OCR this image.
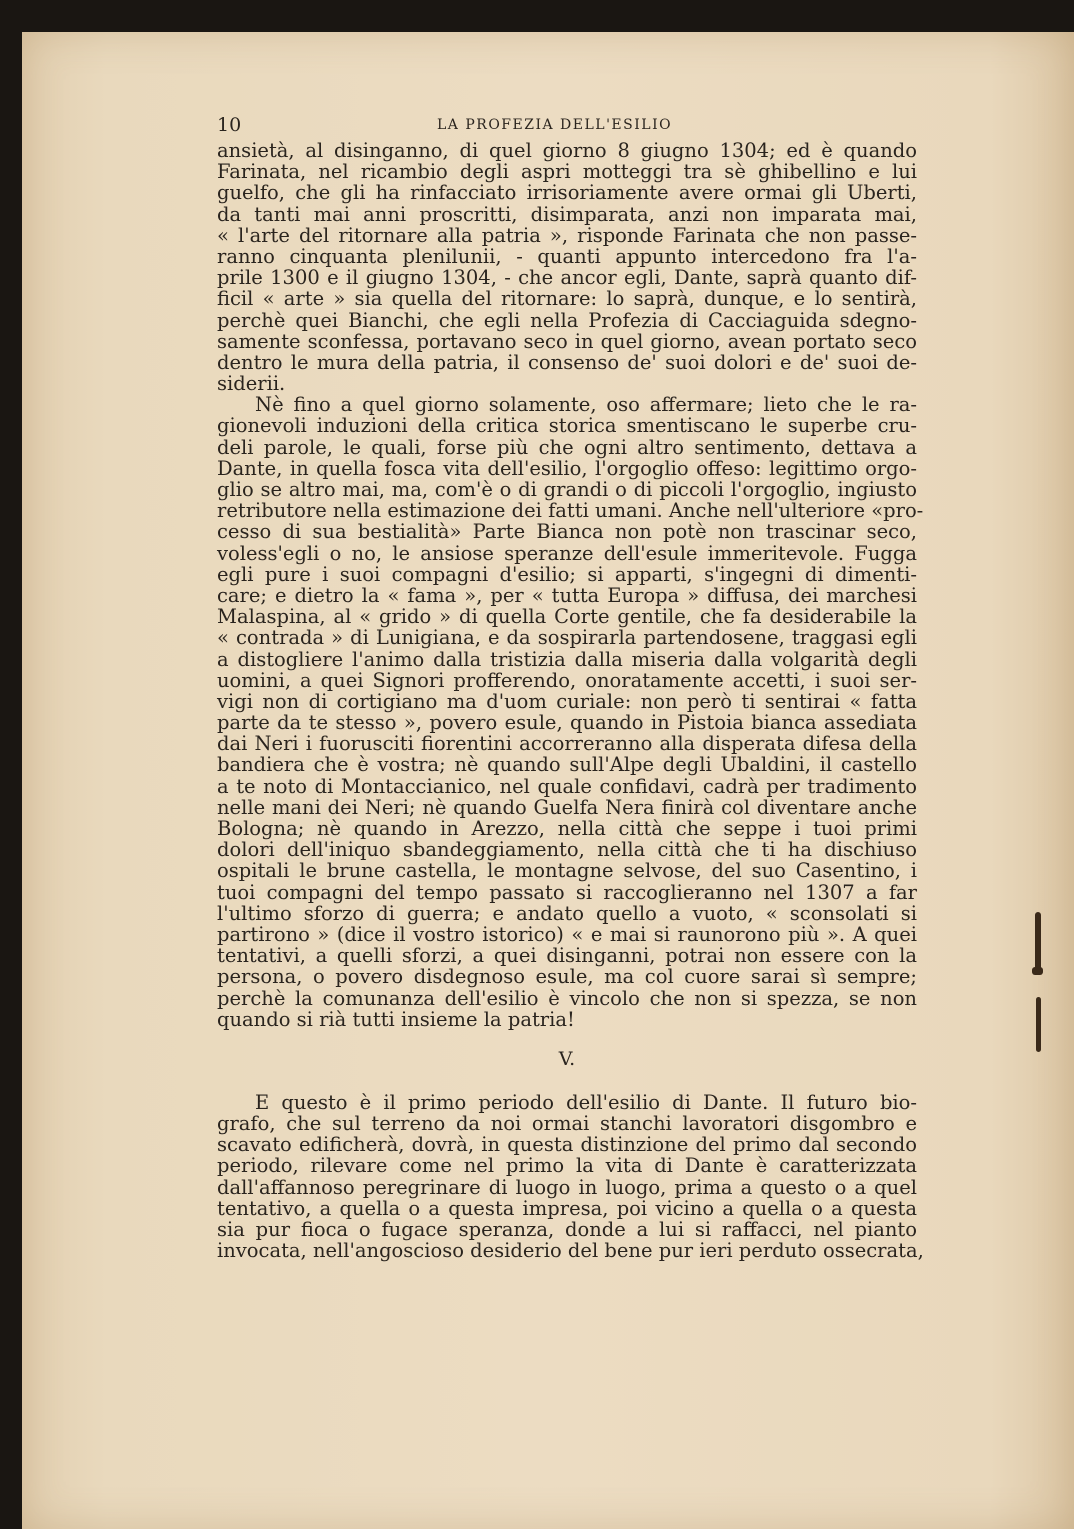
10	LA PROFEZIA DELL'ESILIO
ansietà, al disinganno, di quel giorno 8 giugno 1304; ed è quando
Farinata, nel ricambio degli aspri motteggi tra sè ghibellino e lui
guelfo, che gli ha rinfacciato irrisoriamente avere ormai gli Uberti,
da tanti mai anni proscritti, disimparata, anzi non imparata mai,
« l'arte del ritornare alla patria », risponde Farinata che non passe-
ranno cinquanta plenilunii, - quanti appunto intercedono fra l'a-
prile 1300 e il giugno 1304, - che ancor egli, Dante, saprà quanto dif-
ficil « arte » sia quella del ritornare: lo saprà, dunque, e lo sentirà,
perchè quei Bianchi, che egli nella Profezia di Cacciaguida sdegno-
samente sconfessa, portavano seco in quel giorno, avean portato seco
dentro le mura della patria, il consenso de' suoi dolori e de' suoi de-
siderii.
Nè fino a quel giorno solamente, oso affermare; lieto che le ra-
gionevoli induzioni della critica storica smentiscano le superbe cru-
deli parole, le quali, forse più che ogni altro sentimento, dettava a
Dante, in quella fosca vita dell'esilio, l'orgoglio offeso: legittimo orgo-
glio se altro mai, ma, com'è o di grandi o di piccoli l'orgoglio, ingiusto
retributore nella estimazione dei fatti umani. Anche nell'ulteriore «pro-
cesso di sua bestialità» Parte Bianca non potè non trascinar seco,
voless'egli o no, le ansiose speranze dell'esule immeritevole. Fugga
egli pure i suoi compagni d'esilio; si apparti, s'ingegni di dimenti-
care; e dietro la « fama », per « tutta Europa » diffusa, dei marchesi
Malaspina, al « grido » di quella Corte gentile, che fa desiderabile la
« contrada » di Lunigiana, e da sospirarla partendosene, traggasi egli
a distogliere l'animo dalla tristizia dalla miseria dalla volgarità degli
uomini, a quei Signori profferendo, onoratamente accetti, i suoi ser-
vigi non di cortigiano ma d'uom curiale: non però ti sentirai « fatta
parte da te stesso », povero esule, quando in Pistoia bianca assediata
dai Neri i fuorusciti fiorentini accorreranno alla disperata difesa della
bandiera che è vostra; nè quando sull'Alpe degli Ubaldini, il castello
a te noto di Montaccianico, nel quale confidavi, cadrà per tradimento
nelle mani dei Neri; nè quando Guelfa Nera finirà col diventare anche
Bologna; nè quando in Arezzo, nella città che seppe i tuoi primi
dolori dell'iniquo sbandeggiamento, nella città che ti ha dischiuso
ospitali le brune castella, le montagne selvose, del suo Casentino, i
tuoi compagni del tempo passato si raccoglieranno nel 1307 a far
l'ultimo sforzo di guerra; e andato quello a vuoto, « sconsolati si
partirono » (dice il vostro istorico) « e mai si raunorono più ». A quei
tentativi, a quelli sforzi, a quei disinganni, potrai non essere con la
persona, o povero disdegnoso esule, ma col cuore sarai sì sempre;
perchè la comunanza dell'esilio è vincolo che non si spezza, se non
quando si rià tutti insieme la patria!
V.
E questo è il primo periodo dell'esilio di Dante. Il futuro bio-
grafo, che sul terreno da noi ormai stanchi lavoratori disgombro e
scavato edificherà, dovrà, in questa distinzione del primo dal secondo
periodo, rilevare come nel primo la vita di Dante è caratterizzata
dall'affannoso peregrinare di luogo in luogo, prima a questo o a quel
tentativo, a quella o a questa impresa, poi vicino a quella o a questa
sia pur fioca o fugace speranza, donde a lui si raffacci, nel pianto
invocata, nell'angoscioso desiderio del bene pur ieri perduto ossecrata,
